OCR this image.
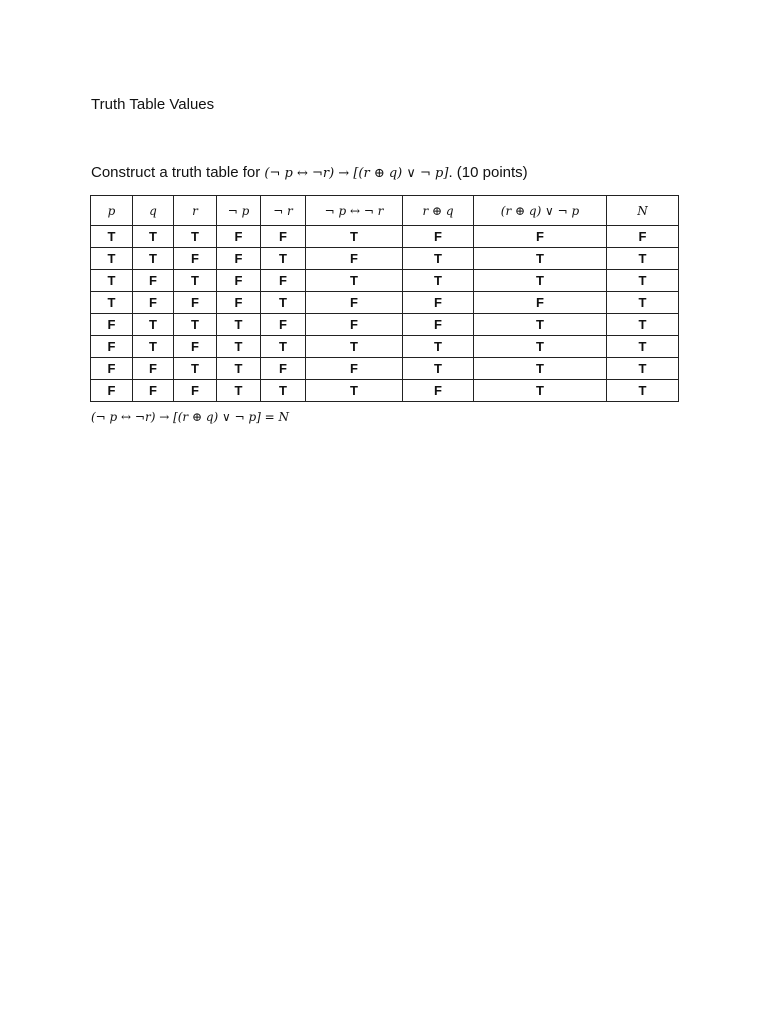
Truth Table Values

Construct a truth table for (¬ p ↔ ¬r) → [(r ⊕ q) ∨ ¬ p]. (10 points)

p	q	r	¬ p	¬ r	¬ p ↔ ¬ r	r ⊕ q	(r ⊕ q) ∨ ¬ p	N
T	T	T	F	F	T	F	F	F
T	T	F	F	T	F	T	T	T
T	F	T	F	F	T	T	T	T
T	F	F	F	T	F	F	F	T
F	T	T	T	F	F	F	T	T
F	T	F	T	T	T	T	T	T
F	F	T	T	F	F	T	T	T
F	F	F	T	T	T	F	T	T
(¬ p ↔ ¬r) → [(r ⊕ q) ∨ ¬ p] = N
